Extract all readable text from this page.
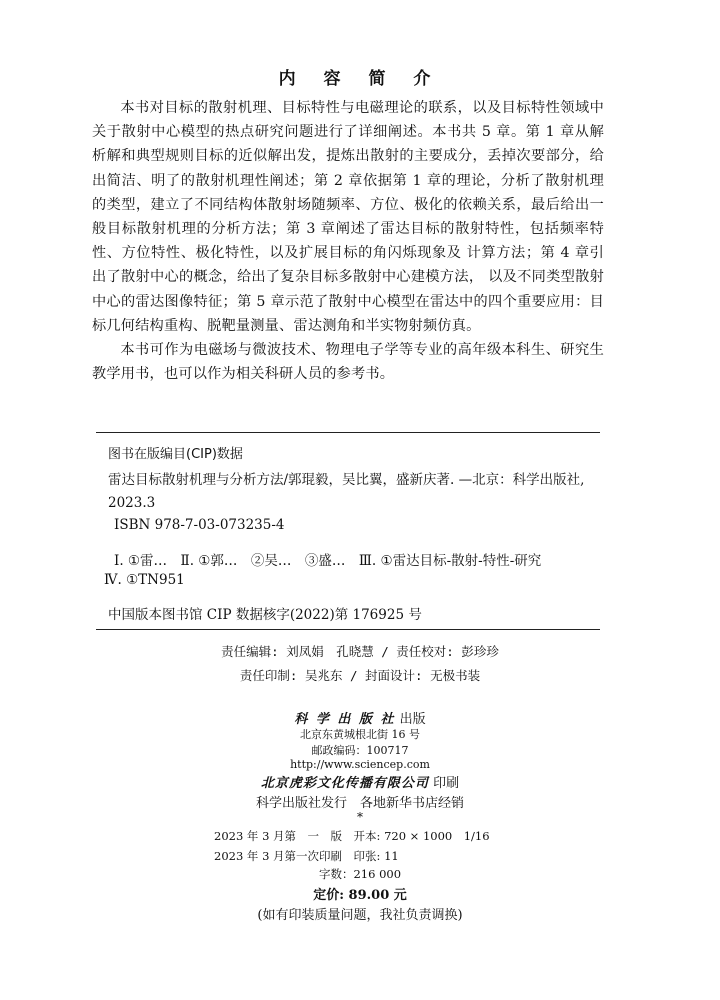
内 容 简 介

本书对目标的散射机理、目标特性与电磁理论的联系，以及目标特性领域中关于散射中心模型的热点研究问题进行了详细阐述。本书共 5 章。第 1 章从解析解和典型规则目标的近似解出发，提炼出散射的主要成分，丢掉次要部分，给出简洁、明了的散射机理性阐述；第 2 章依据第 1 章的理论，分析了散射机理的类型，建立了不同结构体散射场随频率、方位、极化的依赖关系，最后给出一般目标散射机理的分析方法；第 3 章阐述了雷达目标的散射特性，包括频率特性、方位特性、极化特性，以及扩展目标的角闪烁现象及 计算方法；第 4 章引出了散射中心的概念，给出了复杂目标多散射中心建模方法， 以及不同类型散射中心的雷达图像特征；第 5 章示范了散射中心模型在雷达中的四个重要应用：目标几何结构重构、脱靶量测量、雷达测角和半实物射频仿真。

本书可作为电磁场与微波技术、物理电子学等专业的高年级本科生、研究生教学用书，也可以作为相关科研人员的参考书。

图书在版编目(CIP)数据
雷达目标散射机理与分析方法/郭琨毅，吴比翼，盛新庆著. —北京：科学出版社, 2023.3
ISBN 978-7-03-073235-4
Ⅰ. ①雷…　Ⅱ. ①郭…　②吴…　③盛…　Ⅲ. ①雷达目标-散射-特性-研究
Ⅳ. ①TN951
中国版本图书馆 CIP 数据核字(2022)第 176925 号
责任编辑: 刘凤娟　孔晓慧 / 责任校对: 彭珍珍
责任印制: 吴兆东 / 封面设计: 无极书装
科 学 出 版 社 出版
北京东黄城根北街 16 号
邮政编码：100717
http://www.sciencep.com
北京虎彩文化传播有限公司 印刷
科学出版社发行　各地新华书店经销
*
2023 年 3 月第　一　版　开本: 720 × 1000　1/16
2023 年 3 月第一次印刷　印张: 11
字数：216 000
定价: 89.00 元
(如有印装质量问题，我社负责调换)
